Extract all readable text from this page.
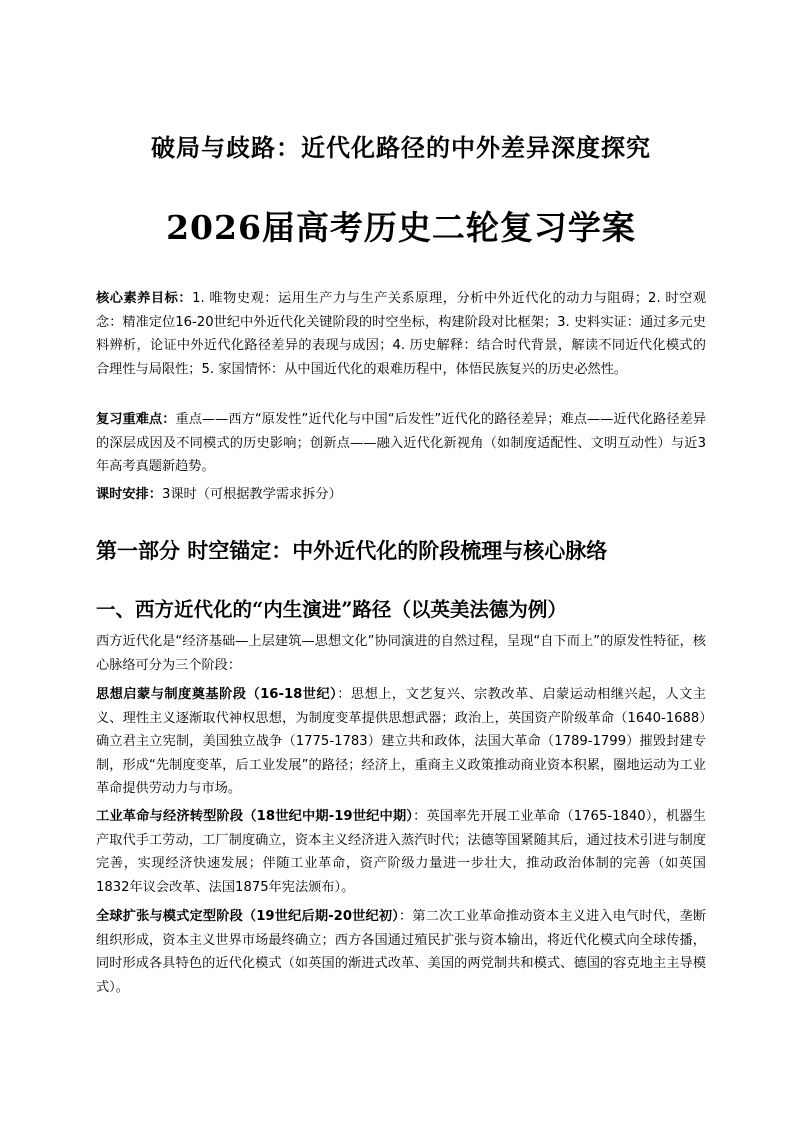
破局与歧路：近代化路径的中外差异深度探究
2026届高考历史二轮复习学案
核心素养目标：1. 唯物史观：运用生产力与生产关系原理，分析中外近代化的动力与阻碍；2. 时空观念：精准定位16-20世纪中外近代化关键阶段的时空坐标，构建阶段对比框架；3. 史料实证：通过多元史料辨析，论证中外近代化路径差异的表现与成因；4. 历史解释：结合时代背景，解读不同近代化模式的合理性与局限性；5. 家国情怀：从中国近代化的艰难历程中，体悟民族复兴的历史必然性。
复习重难点：重点——西方“原发性”近代化与中国“后发性”近代化的路径差异；难点——近代化路径差异的深层成因及不同模式的历史影响；创新点——融入近代化新视角（如制度适配性、文明互动性）与近3年高考真题新趋势。
课时安排：3课时（可根据教学需求拆分）
第一部分 时空锚定：中外近代化的阶段梳理与核心脉络
一、西方近代化的“内生演进”路径（以英美法德为例）
西方近代化是“经济基础—上层建筑—思想文化”协同演进的自然过程，呈现“自下而上”的原发性特征，核心脉络可分为三个阶段：
思想启蒙与制度奠基阶段（16-18世纪）：思想上，文艺复兴、宗教改革、启蒙运动相继兴起，人文主义、理性主义逐渐取代神权思想，为制度变革提供思想武器；政治上，英国资产阶级革命（1640-1688）确立君主立宪制，美国独立战争（1775-1783）建立共和政体，法国大革命（1789-1799）摧毁封建专制，形成“先制度变革，后工业发展”的路径；经济上，重商主义政策推动商业资本积累，圈地运动为工业革命提供劳动力与市场。
工业革命与经济转型阶段（18世纪中期-19世纪中期）：英国率先开展工业革命（1765-1840），机器生产取代手工劳动，工厂制度确立，资本主义经济进入蒸汽时代；法德等国紧随其后，通过技术引进与制度完善，实现经济快速发展；伴随工业革命，资产阶级力量进一步壮大，推动政治体制的完善（如英国1832年议会改革、法国1875年宪法颁布）。
全球扩张与模式定型阶段（19世纪后期-20世纪初）：第二次工业革命推动资本主义进入电气时代，垄断组织形成，资本主义世界市场最终确立；西方各国通过殖民扩张与资本输出，将近代化模式向全球传播，同时形成各具特色的近代化模式（如英国的渐进式改革、美国的两党制共和模式、德国的容克地主主导模式）。
